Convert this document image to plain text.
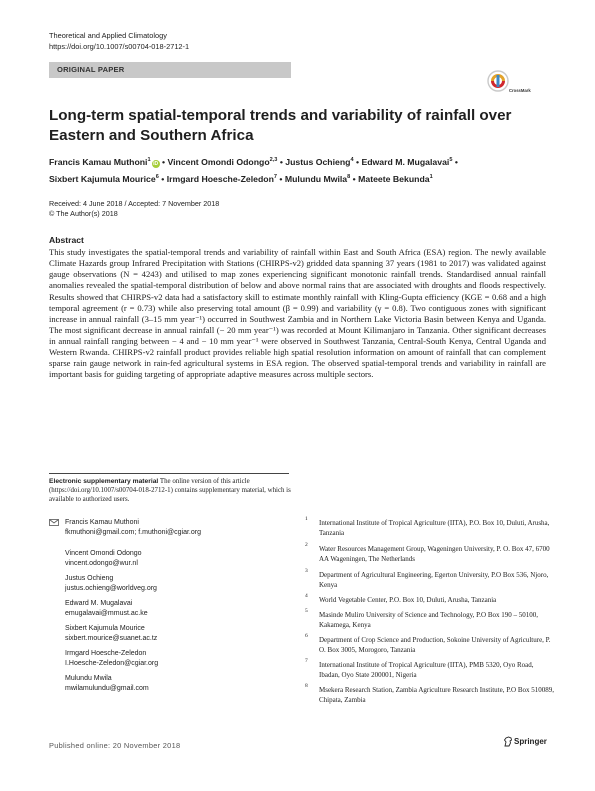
Theoretical and Applied Climatology
https://doi.org/10.1007/s00704-018-2712-1
ORIGINAL PAPER
CrossMark
Long-term spatial-temporal trends and variability of rainfall over Eastern and Southern Africa
Francis Kamau Muthoni$^1$iD • Vincent Omondi Odongo$^{2,3}$ • Justus Ochieng$^4$ • Edward M. Mugalavai$^5$ •
Sixbert Kajumula Mourice$^6$ • Irmgard Hoesche-Zeledon$^7$ • Mulundu Mwila$^8$ • Mateete Bekunda$^1$
Received: 4 June 2018 / Accepted: 7 November 2018
© The Author(s) 2018
Abstract

This study investigates the spatial-temporal trends and variability of rainfall within East and South Africa (ESA) region. The newly available Climate Hazards group Infrared Precipitation with Stations (CHIRPS-v2) gridded data spanning 37 years (1981 to 2017) was validated against gauge observations (N = 4243) and utilised to map zones experiencing significant monotonic rainfall trends. Standardised annual rainfall anomalies revealed the spatial-temporal distribution of below and above normal rains that are associated with droughts and floods respectively. Results showed that CHIRPS-v2 data had a satisfactory skill to estimate monthly rainfall with Kling-Gupta efficiency (KGE = 0.68 and a high temporal agreement (r = 0.73) while also preserving total amount (β = 0.99) and variability (γ = 0.8). Two contiguous zones with significant increase in annual rainfall (3–15 mm year⁻¹) occurred in Southwest Zambia and in Northern Lake Victoria Basin between Kenya and Uganda. The most significant decrease in annual rainfall (− 20 mm year⁻¹) was recorded at Mount Kilimanjaro in Tanzania. Other significant decreases in annual rainfall ranging between − 4 and − 10 mm year⁻¹ were observed in Southwest Tanzania, Central-South Kenya, Central Uganda and Western Rwanda. CHIRPS-v2 rainfall product provides reliable high spatial resolution information on amount of rainfall that can complement sparse rain gauge network in rain-fed agricultural systems in ESA region. The observed spatial-temporal trends and variability in rainfall are important basis for guiding targeting of appropriate adaptive measures across multiple sectors.

Electronic supplementary material The online version of this article (https://doi.org/10.1007/s00704-018-2712-1) contains supplementary material, which is available to authorized users.
Francis Kamau Muthoni
fkmuthoni@gmail.com; f.muthoni@cgiar.org
Vincent Omondi Odongo
vincent.odongo@wur.nl
Justus Ochieng
justus.ochieng@worldveg.org
Edward M. Mugalavai
emugalavai@mmust.ac.ke
Sixbert Kajumula Mourice
sixbert.mourice@suanet.ac.tz
Irmgard Hoesche-Zeledon
I.Hoesche-Zeledon@cgiar.org
Mulundu Mwila
mwilamulundu@gmail.com
1 International Institute of Tropical Agriculture (IITA), P.O. Box 10, Duluti, Arusha, Tanzania
2 Water Resources Management Group, Wageningen University, P. O. Box 47, 6700 AA Wageningen, The Netherlands
3 Department of Agricultural Engineering, Egerton University, P.O Box 536, Njoro, Kenya
4 World Vegetable Center, P.O. Box 10, Duluti, Arusha, Tanzania
5 Masinde Muliro University of Science and Technology, P.O Box 190 – 50100, Kakamega, Kenya
6 Department of Crop Science and Production, Sokoine University of Agriculture, P. O. Box 3005, Morogoro, Tanzania
7 International Institute of Tropical Agriculture (IITA), PMB 5320, Oyo Road, Ibadan, Oyo State 200001, Nigeria
8 Msekera Research Station, Zambia Agriculture Research Institute, P.O Box 510089, Chipata, Zambia
Published online: 20 November 2018	Springer
